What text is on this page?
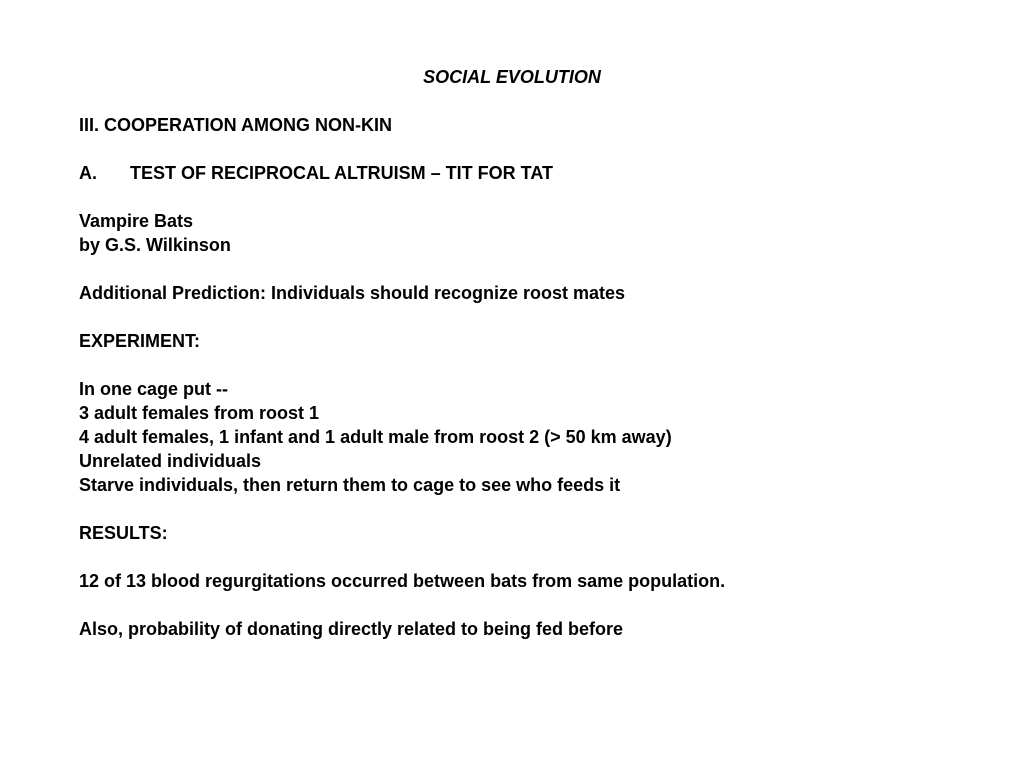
SOCIAL EVOLUTION
III. COOPERATION AMONG NON-KIN
A. TEST OF RECIPROCAL ALTRUISM – TIT FOR TAT
Vampire Bats
by G.S. Wilkinson
Additional Prediction: Individuals should recognize roost mates
EXPERIMENT:
In one cage put --
3 adult females from roost 1
4 adult females, 1 infant and 1 adult male from roost 2 (> 50 km away)
Unrelated individuals
Starve individuals, then return them to cage to see who feeds it
RESULTS:
12 of 13 blood regurgitations occurred between bats from same population.
Also, probability of donating directly related to being fed before
